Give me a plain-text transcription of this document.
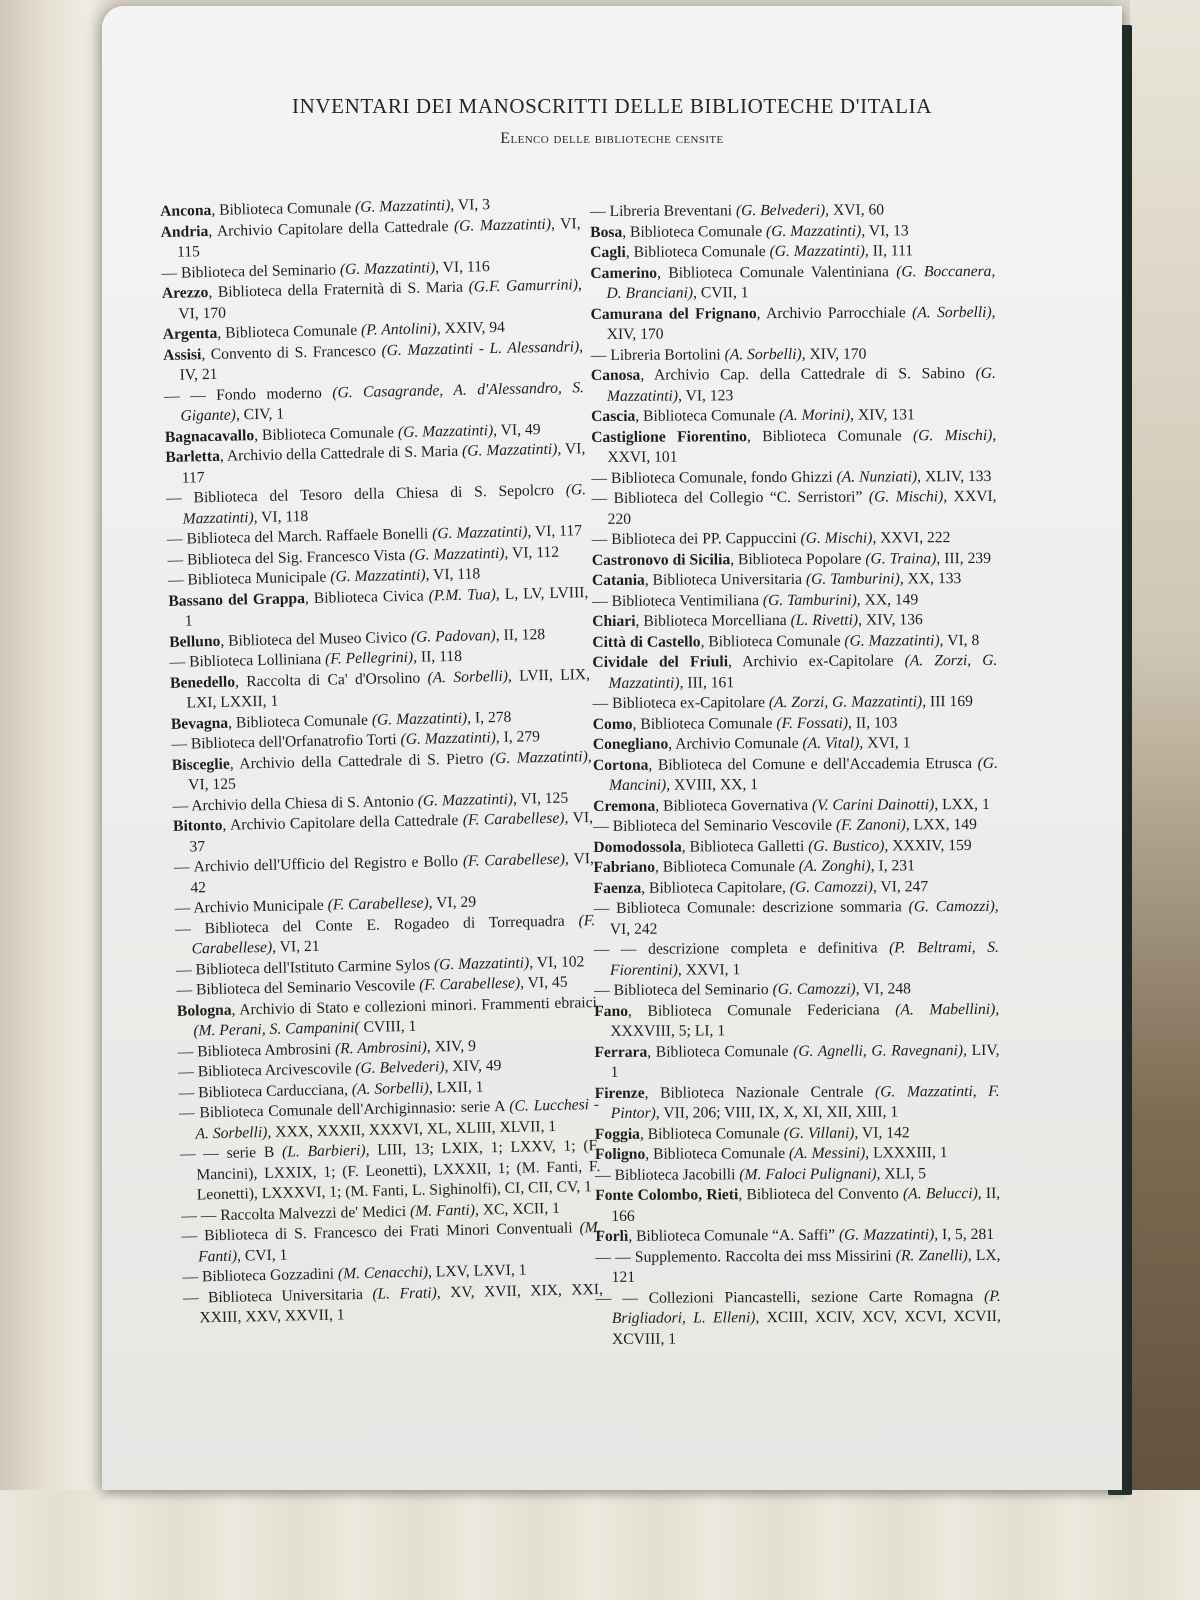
INVENTARI DEI MANOSCRITTI DELLE BIBLIOTECHE D'ITALIA
Elenco delle biblioteche censite

Ancona, Biblioteca Comunale (G. Mazzatinti), VI, 3

Andria, Archivio Capitolare della Cattedrale (G. Mazzatinti), VI, 115

— Biblioteca del Seminario (G. Mazzatinti), VI, 116

Arezzo, Biblioteca della Fraternità di S. Maria (G.F. Gamurrini), VI, 170

Argenta, Biblioteca Comunale (P. Antolini), XXIV, 94

Assisi, Convento di S. Francesco (G. Mazzatinti - L. Alessandri), IV, 21

— — Fondo moderno (G. Casagrande, A. d'Alessandro, S. Gigante), CIV, 1

Bagnacavallo, Biblioteca Comunale (G. Mazzatinti), VI, 49

Barletta, Archivio della Cattedrale di S. Maria (G. Mazzatinti), VI, 117

— Biblioteca del Tesoro della Chiesa di S. Sepolcro (G. Mazzatinti), VI, 118

— Biblioteca del March. Raffaele Bonelli (G. Mazzatinti), VI, 117

— Biblioteca del Sig. Francesco Vista (G. Mazzatinti), VI, 112

— Biblioteca Municipale (G. Mazzatinti), VI, 118

Bassano del Grappa, Biblioteca Civica (P.M. Tua), L, LV, LVIII, 1

Belluno, Biblioteca del Museo Civico (G. Padovan), II, 128

— Biblioteca Lolliniana (F. Pellegrini), II, 118

Benedello, Raccolta di Ca' d'Orsolino (A. Sorbelli), LVII, LIX, LXI, LXXII, 1

Bevagna, Biblioteca Comunale (G. Mazzatinti), I, 278

— Biblioteca dell'Orfanatrofio Torti (G. Mazzatinti), I, 279

Bisceglie, Archivio della Cattedrale di S. Pietro (G. Mazzatinti), VI, 125

— Archivio della Chiesa di S. Antonio (G. Mazzatinti), VI, 125

Bitonto, Archivio Capitolare della Cattedrale (F. Carabellese), VI, 37

— Archivio dell'Ufficio del Registro e Bollo (F. Carabellese), VI, 42

— Archivio Municipale (F. Carabellese), VI, 29

— Biblioteca del Conte E. Rogadeo di Torrequadra (F. Carabellese), VI, 21

— Biblioteca dell'Istituto Carmine Sylos (G. Mazzatinti), VI, 102

— Biblioteca del Seminario Vescovile (F. Carabellese), VI, 45

Bologna, Archivio di Stato e collezioni minori. Frammenti ebraici (M. Perani, S. Campanini( CVIII, 1

— Biblioteca Ambrosini (R. Ambrosini), XIV, 9

— Biblioteca Arcivescovile (G. Belvederi), XIV, 49

— Biblioteca Carducciana, (A. Sorbelli), LXII, 1

— Biblioteca Comunale dell'Archiginnasio: serie A (C. Lucchesi - A. Sorbelli), XXX, XXXII, XXXVI, XL, XLIII, XLVII, 1

— — serie B (L. Barbieri), LIII, 13; LXIX, 1; LXXV, 1; (F. Mancini), LXXIX, 1; (F. Leonetti), LXXXII, 1; (M. Fanti, F. Leonetti), LXXXVI, 1; (M. Fanti, L. Sighinolfi), CI, CII, CV, 1

— — Raccolta Malvezzi de' Medici (M. Fanti), XC, XCII, 1

— Biblioteca di S. Francesco dei Frati Minori Conventuali (M. Fanti), CVI, 1

— Biblioteca Gozzadini (M. Cenacchi), LXV, LXVI, 1

— Biblioteca Universitaria (L. Frati), XV, XVII, XIX, XXI, XXIII, XXV, XXVII, 1

— Libreria Breventani (G. Belvederi), XVI, 60

Bosa, Biblioteca Comunale (G. Mazzatinti), VI, 13

Cagli, Biblioteca Comunale (G. Mazzatinti), II, 111

Camerino, Biblioteca Comunale Valentiniana (G. Boccanera, D. Branciani), CVII, 1

Camurana del Frignano, Archivio Parrocchiale (A. Sorbelli), XIV, 170

— Libreria Bortolini (A. Sorbelli), XIV, 170

Canosa, Archivio Cap. della Cattedrale di S. Sabino (G. Mazzatinti), VI, 123

Cascia, Biblioteca Comunale (A. Morini), XIV, 131

Castiglione Fiorentino, Biblioteca Comunale (G. Mischi), XXVI, 101

— Biblioteca Comunale, fondo Ghizzi (A. Nunziati), XLIV, 133

— Biblioteca del Collegio “C. Serristori” (G. Mischi), XXVI, 220

— Biblioteca dei PP. Cappuccini (G. Mischi), XXVI, 222

Castronovo di Sicilia, Biblioteca Popolare (G. Traina), III, 239

Catania, Biblioteca Universitaria (G. Tamburini), XX, 133

— Biblioteca Ventimiliana (G. Tamburini), XX, 149

Chiari, Biblioteca Morcelliana (L. Rivetti), XIV, 136

Città di Castello, Biblioteca Comunale (G. Mazzatinti), VI, 8

Cividale del Friuli, Archivio ex-Capitolare (A. Zorzi, G. Mazzatinti), III, 161

— Biblioteca ex-Capitolare (A. Zorzi, G. Mazzatinti), III 169

Como, Biblioteca Comunale (F. Fossati), II, 103

Conegliano, Archivio Comunale (A. Vital), XVI, 1

Cortona, Biblioteca del Comune e dell'Accademia Etrusca (G. Mancini), XVIII, XX, 1

Cremona, Biblioteca Governativa (V. Carini Dainotti), LXX, 1

— Biblioteca del Seminario Vescovile (F. Zanoni), LXX, 149

Domodossola, Biblioteca Galletti (G. Bustico), XXXIV, 159

Fabriano, Biblioteca Comunale (A. Zonghi), I, 231

Faenza, Biblioteca Capitolare, (G. Camozzi), VI, 247

— Biblioteca Comunale: descrizione sommaria (G. Camozzi), VI, 242

— — descrizione completa e definitiva (P. Beltrami, S. Fiorentini), XXVI, 1

— Biblioteca del Seminario (G. Camozzi), VI, 248

Fano, Biblioteca Comunale Federiciana (A. Mabellini), XXXVIII, 5; LI, 1

Ferrara, Biblioteca Comunale (G. Agnelli, G. Ravegnani), LIV, 1

Firenze, Biblioteca Nazionale Centrale (G. Mazzatinti, F. Pintor), VII, 206; VIII, IX, X, XI, XII, XIII, 1

Foggia, Biblioteca Comunale (G. Villani), VI, 142

Foligno, Biblioteca Comunale (A. Messini), LXXXIII, 1

— Biblioteca Jacobilli (M. Faloci Pulignani), XLI, 5

Fonte Colombo, Rieti, Biblioteca del Convento (A. Belucci), II, 166

Forlì, Biblioteca Comunale “A. Saffi” (G. Mazzatinti), I, 5, 281

— — Supplemento. Raccolta dei mss Missirini (R. Zanelli), LX, 121

— — Collezioni Piancastelli, sezione Carte Romagna (P. Brigliadori, L. Elleni), XCIII, XCIV, XCV, XCVI, XCVII, XCVIII, 1
